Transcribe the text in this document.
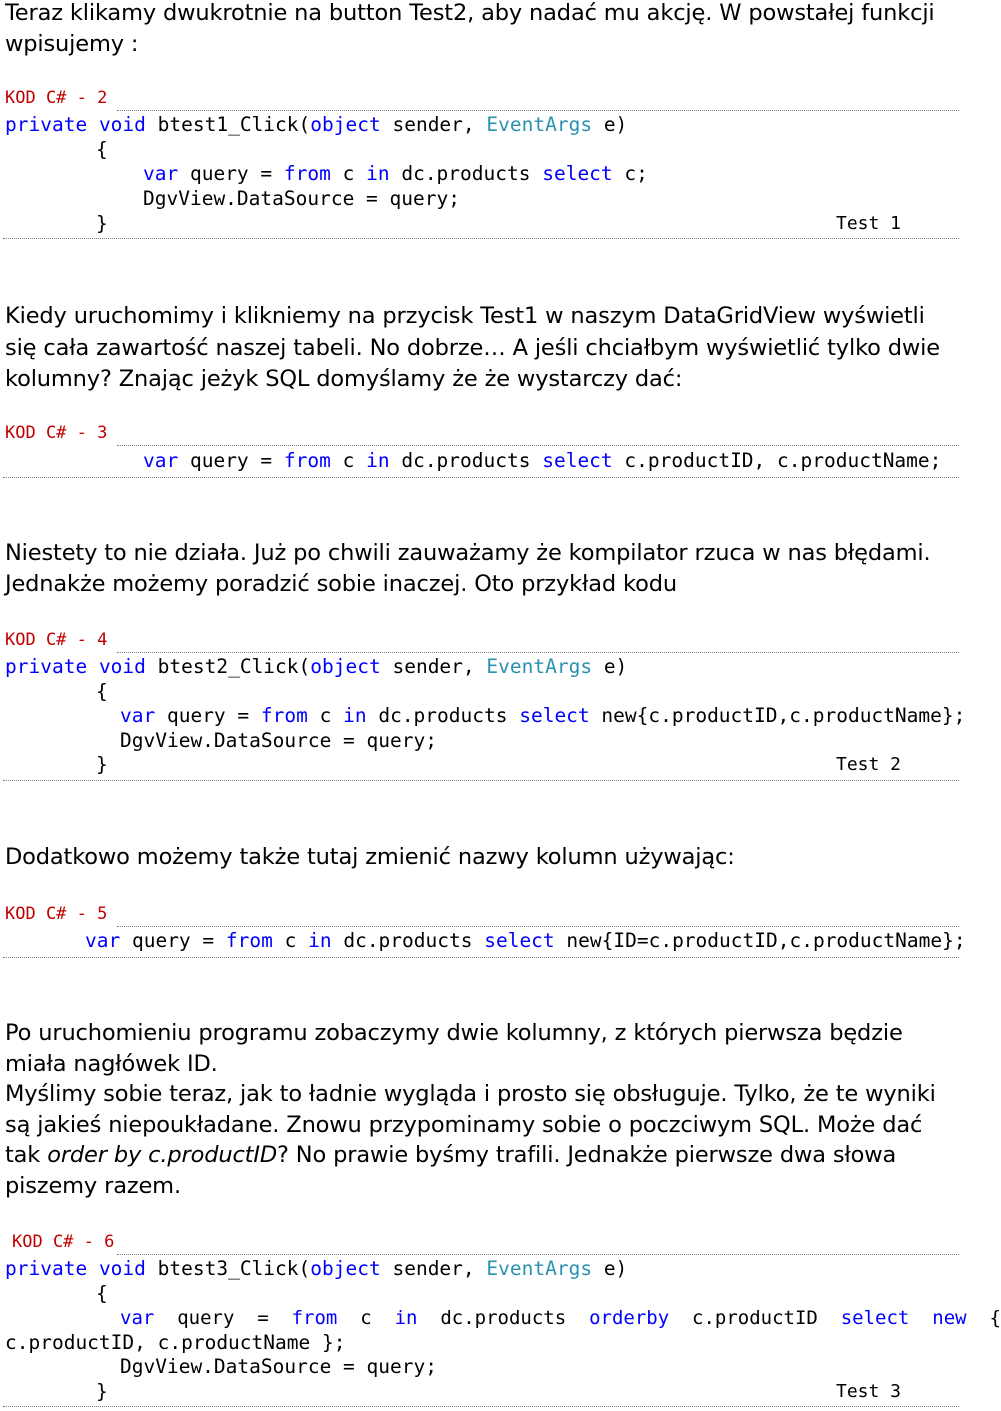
Teraz klikamy dwukrotnie na button Test2, aby nadać mu akcję. W powstałej funkcji
wpisujemy :
KOD C# - 2
private void btest1_Click(object sender, EventArgs e)
{
var query = from c in dc.products select c;
DgvView.DataSource = query;
}	Test 1
Kiedy uruchomimy i klikniemy na przycisk Test1 w naszym DataGridView wyświetli
się cała zawartość naszej tabeli. No dobrze… A jeśli chciałbym wyświetlić tylko dwie
kolumny? Znając jeżyk SQL domyślamy że że wystarczy dać:
KOD C# - 3
var query = from c in dc.products select c.productID, c.productName;
Niestety to nie działa. Już po chwili zauważamy że kompilator rzuca w nas błędami.
Jednakże możemy poradzić sobie inaczej. Oto przykład kodu
KOD C# - 4
private void btest2_Click(object sender, EventArgs e)
{
var query = from c in dc.products select new{c.productID,c.productName};
DgvView.DataSource = query;
}	Test 2
Dodatkowo możemy także tutaj zmienić nazwy kolumn używając:
KOD C# - 5
var query = from c in dc.products select new{ID=c.productID,c.productName};
Po uruchomieniu programu zobaczymy dwie kolumny, z których pierwsza będzie
miała nagłówek ID.
Myślimy sobie teraz, jak to ładnie wygląda i prosto się obsługuje. Tylko, że te wyniki
są jakieś niepoukładane. Znowu przypominamy sobie o poczciwym SQL. Może dać
tak order by c.productID? No prawie byśmy trafili. Jednakże pierwsze dwa słowa
piszemy razem.
KOD C# - 6
private void btest3_Click(object sender, EventArgs e)
{
var  query  =  from  c  in  dc.products  orderby  c.productID  select new  {
c.productID, c.productName };
DgvView.DataSource = query;
}	Test 3
